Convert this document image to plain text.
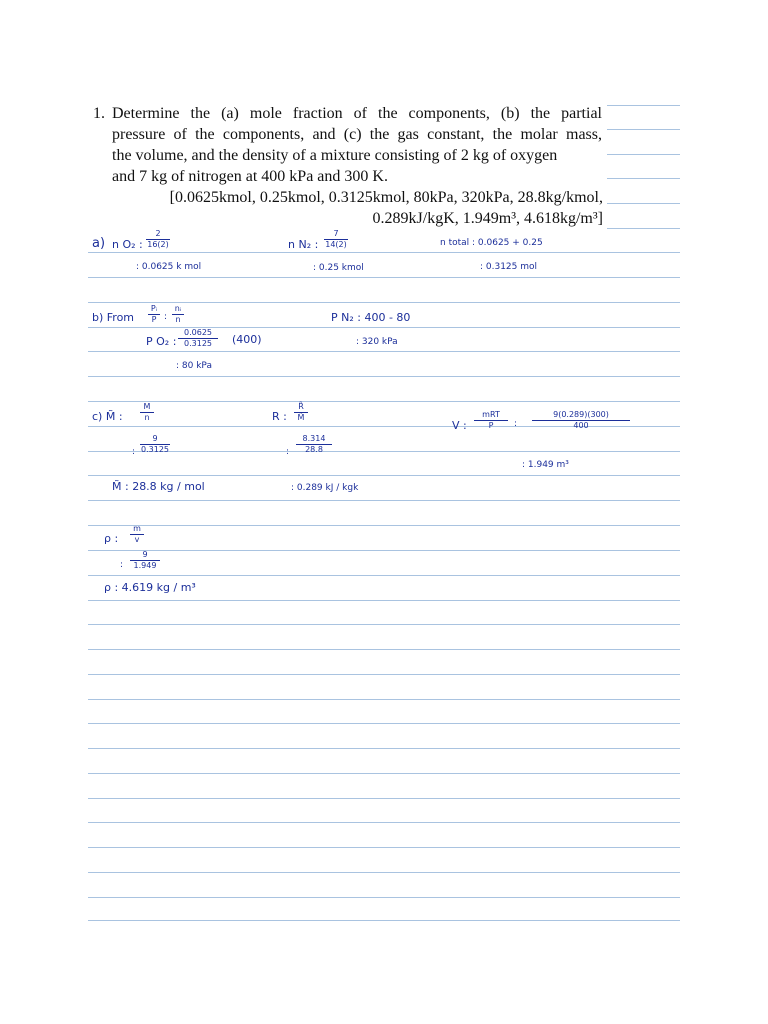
1. Determine the (a) mole fraction of the components, (b) the partial
pressure of the components, and (c) the gas constant, the molar mass,
the volume, and the density of a mixture consisting of 2 kg of oxygen
and 7 kg of nitrogen at 400 kPa and 300 K.
[0.0625kmol, 0.25kmol, 0.3125kmol, 80kPa, 320kPa, 28.8kg/kmol,
0.289kJ/kgK, 1.949m³, 4.618kg/m³]
a) n O₂ : $\frac{2}{16(2)}$
: 0.0625 k mol
n N₂ : $\frac{7}{14(2)}$
: 0.25 kmol
n total : 0.0625 + 0.25
: 0.3125 mol
b) From $\frac{\text{Pᵢ}}{P}$ : $\frac{\text{nᵢ}}{n}$
P O₂ : $\frac{0.0625}{0.3125} (400)$
: 80 kPa
P N₂ : 400 - 80
: 320 kPa
c) M̃ : $\frac{M}{n}$
: $\frac{9}{0.3125}$
M̃ : 28.8 kg / mol
R : $\frac{R̃}{M̃}$
: $\frac{8.314}{28.8}$
: 0.289 kJ / kgk
V :
mRT
P	: $\frac{9(0.289)(300)}{400}$
: 1.949 m³
ρ : $\frac{m}{v}$
: $\frac{9}{1.949}$
ρ : 4.619 kg / m³
